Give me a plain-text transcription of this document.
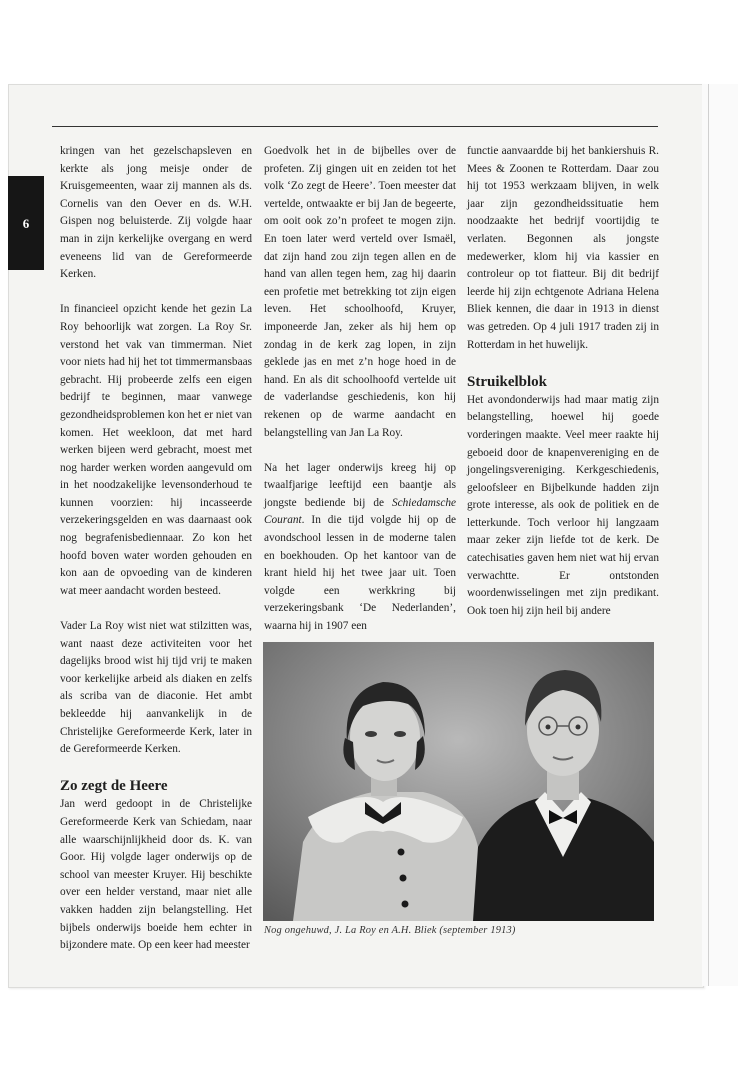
6

kringen van het gezelschapsleven en kerkte als jong meisje onder de Kruisgemeenten, waar zij mannen als ds. Cornelis van den Oever en ds. W.H. Gispen nog beluisterde. Zij volgde haar man in zijn kerkelijke overgang en werd eveneens lid van de Gereformeerde Kerken.

In financieel opzicht kende het gezin La Roy behoorlijk wat zorgen. La Roy Sr. verstond het vak van timmerman. Niet voor niets had hij het tot timmermansbaas gebracht. Hij probeerde zelfs een eigen bedrijf te beginnen, maar vanwege gezondheidsproblemen kon het er niet van komen. Het weekloon, dat met hard werken bijeen werd gebracht, moest met nog harder werken worden aangevuld om in het noodzakelijke levensonderhoud te kunnen voorzien: hij incasseerde verzekeringsgelden en was daarnaast ook nog begrafenisbediennaar. Zo kon het hoofd boven water worden gehouden en kon aan de opvoeding van de kinderen wat meer aandacht worden besteed.

Vader La Roy wist niet wat stilzitten was, want naast deze activiteiten voor het dagelijks brood wist hij tijd vrij te maken voor kerkelijke arbeid als diaken en zelfs als scriba van de diaconie. Het ambt bekleedde hij aanvankelijk in de Christelijke Gereformeerde Kerk, later in de Gereformeerde Kerken.

Zo zegt de Heere

Jan werd gedoopt in de Christelijke Gereformeerde Kerk van Schiedam, naar alle waarschijnlijkheid door ds. K. van Goor. Hij volgde lager onderwijs op de school van meester Kruyer. Hij beschikte over een helder verstand, maar niet alle vakken hadden zijn belangstelling. Het bijbels onderwijs boeide hem echter in bijzondere mate. Op een keer had meester

Goedvolk het in de bijbelles over de profeten. Zij gingen uit en zeiden tot het volk ‘Zo zegt de Heere’. Toen meester dat vertelde, ontwaakte er bij Jan de begeerte, om ooit ook zo’n profeet te mogen zijn. En toen later werd verteld over Ismaël, dat zijn hand zou zijn tegen allen en de hand van allen tegen hem, zag hij daarin een profetie met betrekking tot zijn eigen leven. Het schoolhoofd, Kruyer, imponeerde Jan, zeker als hij hem op zondag in de kerk zag lopen, in zijn geklede jas en met z’n hoge hoed in de hand. En als dit schoolhoofd vertelde uit de vaderlandse geschiedenis, kon hij rekenen op de warme aandacht en belangstelling van Jan La Roy.

Na het lager onderwijs kreeg hij op twaalfjarige leeftijd een baantje als jongste bediende bij de Schiedamsche Courant. In die tijd volgde hij op de avondschool lessen in de moderne talen en boekhouden. Op het kantoor van de krant hield hij het twee jaar uit. Toen volgde een werkkring bij verzekeringsbank ‘De Nederlanden’, waarna hij in 1907 een

functie aanvaardde bij het bankiershuis R. Mees & Zoonen te Rotterdam. Daar zou hij tot 1953 werkzaam blijven, in welk jaar zijn gezondheidssituatie hem noodzaakte het bedrijf voortijdig te verlaten. Begonnen als jongste medewerker, klom hij via kassier en controleur op tot fiatteur. Bij dit bedrijf leerde hij zijn echtgenote Adriana Helena Bliek kennen, die daar in 1913 in dienst was getreden. Op 4 juli 1917 traden zij in Rotterdam in het huwelijk.

Struikelblok

Het avondonderwijs had maar matig zijn belangstelling, hoewel hij goede vorderingen maakte. Veel meer raakte hij geboeid door de knapenvereniging en de jongelingsvereniging. Kerkgeschiedenis, geloofsleer en Bijbelkunde hadden zijn grote interesse, als ook de politiek en de letterkunde. Toch verloor hij langzaam maar zeker zijn liefde tot de kerk. De catechisaties gaven hem niet wat hij ervan verwachtte. Er ontstonden woordenwisselingen met zijn predikant. Ook toen hij zijn heil bij andere

Nog ongehuwd, J. La Roy en A.H. Bliek (september 1913)
